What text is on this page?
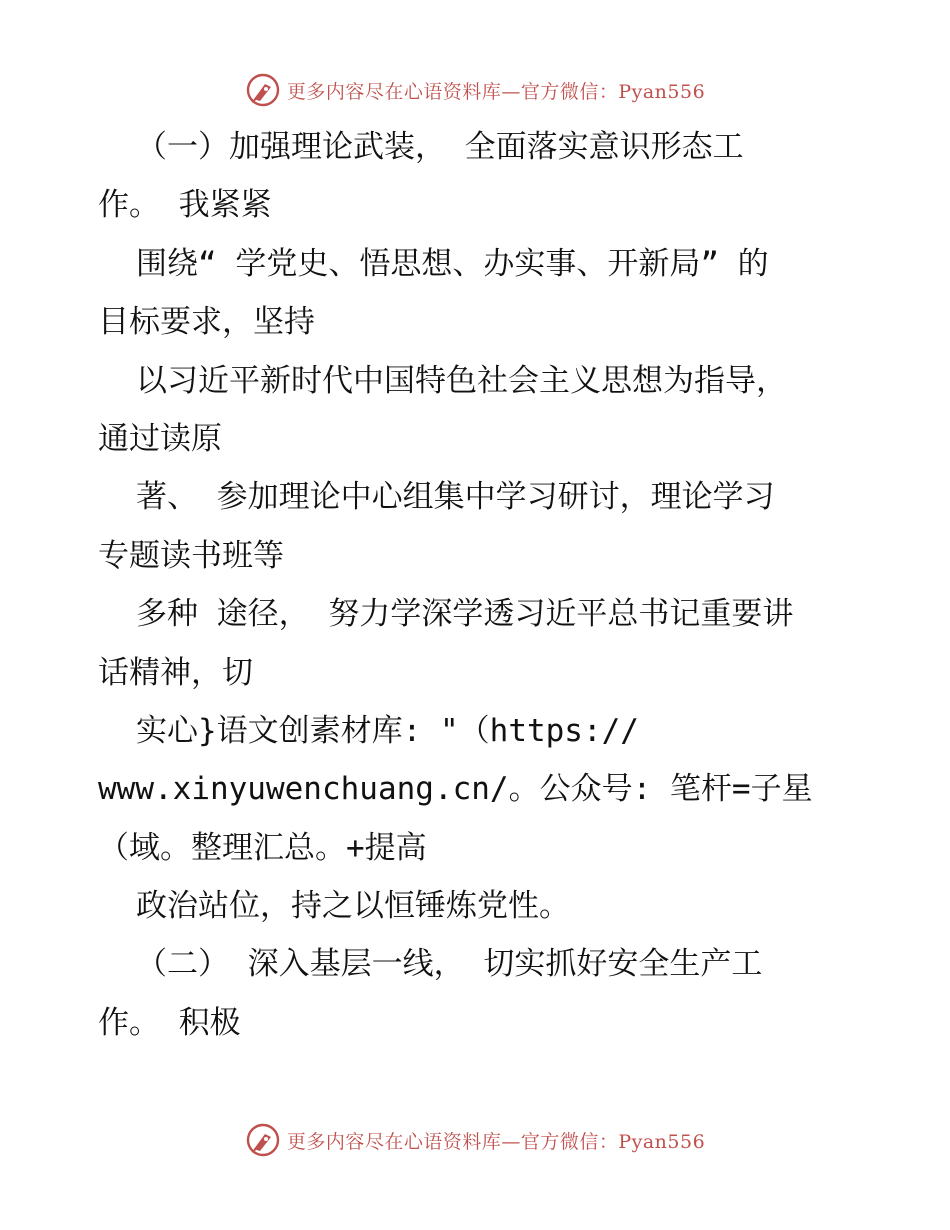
更多内容尽在心语资料库—官方微信：Pyan556
（一）加强理论武装， 全面落实意识形态工
作。 我紧紧
围绕“ 学党史、悟思想、办实事、开新局” 的
目标要求，坚持
以习近平新时代中国特色社会主义思想为指导，
通过读原
著、 参加理论中心组集中学习研讨，理论学习
专题读书班等
多种 途径， 努力学深学透习近平总书记重要讲
话精神，切
实心}语文创素材库: "（https://
www.xinyuwenchuang.cn/。公众号: 笔杆=子星
（域。整理汇总。+提高
政治站位，持之以恒锤炼党性。
（二） 深入基层一线， 切实抓好安全生产工
作。 积极
更多内容尽在心语资料库—官方微信：Pyan556
